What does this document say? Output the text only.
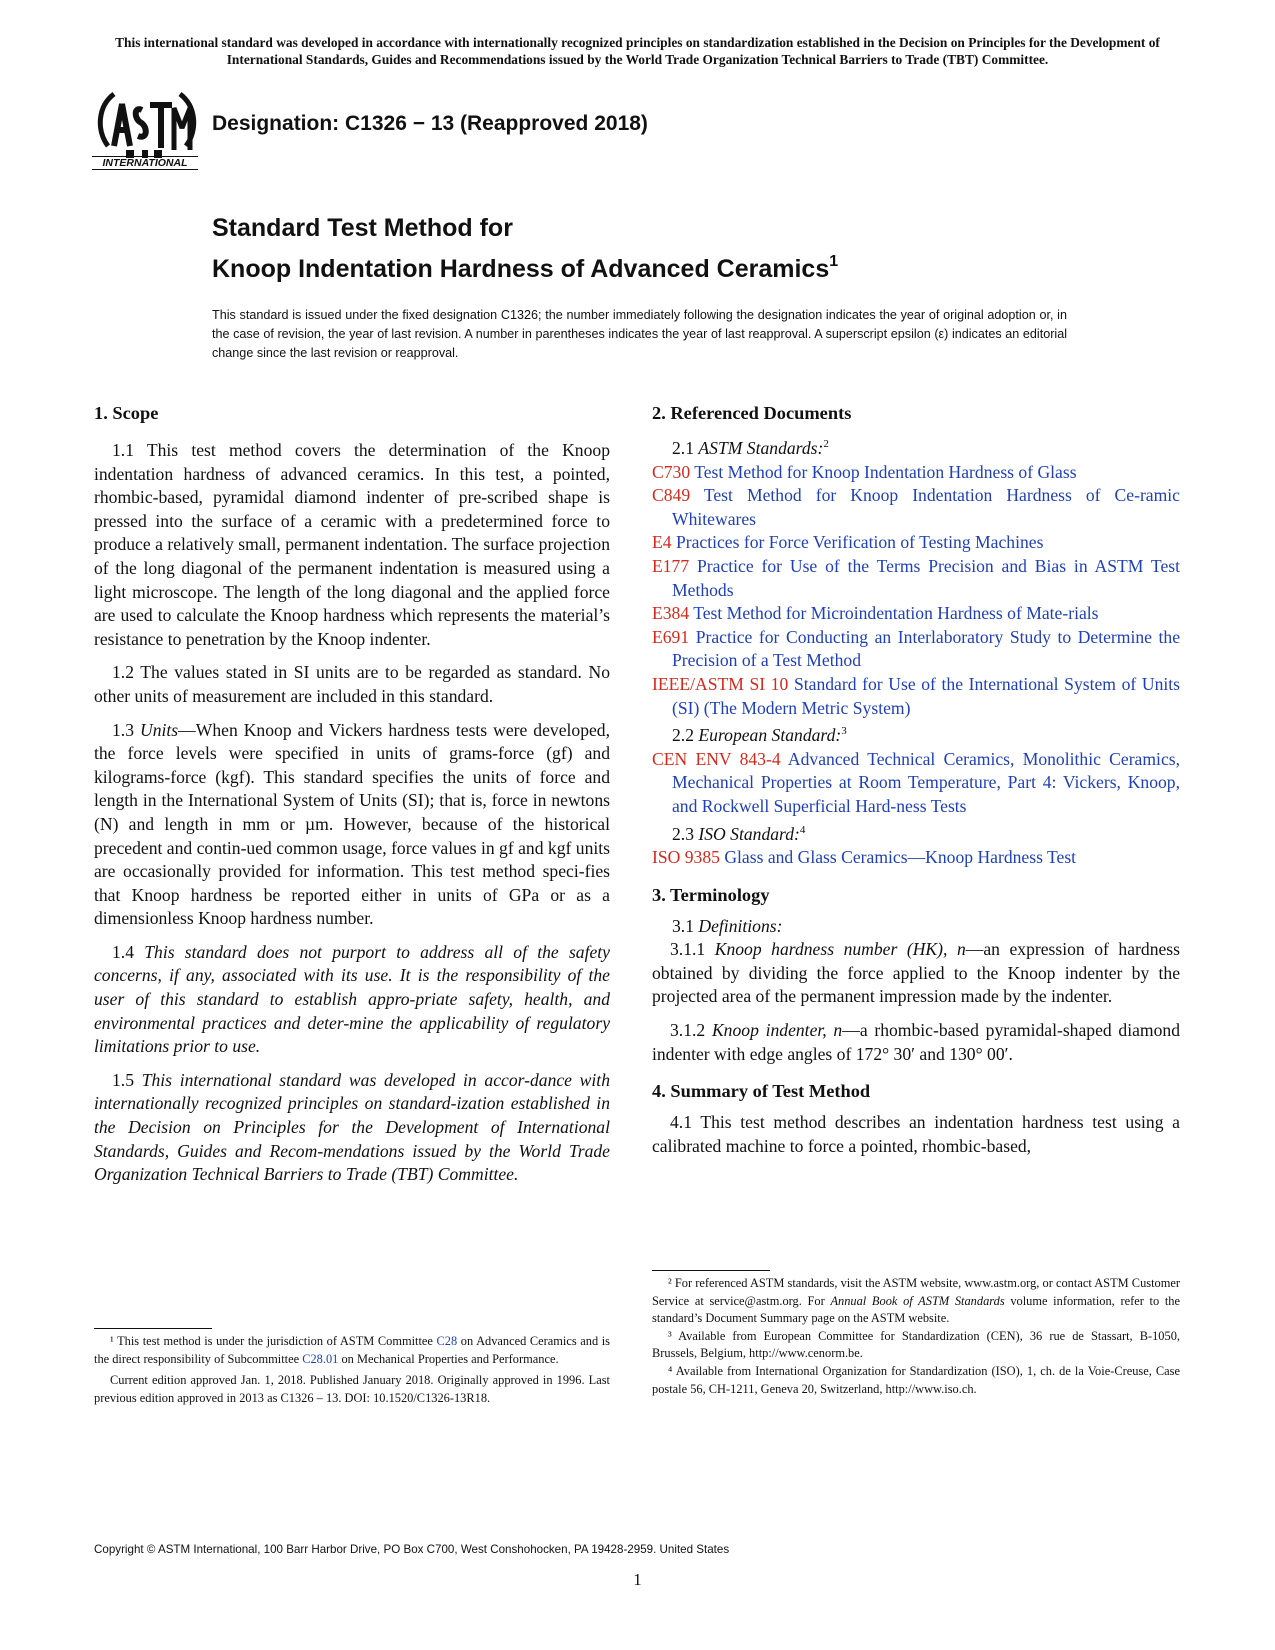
This international standard was developed in accordance with internationally recognized principles on standardization established in the Decision on Principles for the Development of International Standards, Guides and Recommendations issued by the World Trade Organization Technical Barriers to Trade (TBT) Committee.
INTERNATIONAL
Designation: C1326 − 13 (Reapproved 2018)
Standard Test Method for
Knoop Indentation Hardness of Advanced Ceramics$^1$
This standard is issued under the fixed designation C1326; the number immediately following the designation indicates the year of original adoption or, in the case of revision, the year of last revision. A number in parentheses indicates the year of last reapproval. A superscript epsilon (ε) indicates an editorial change since the last revision or reapproval.
1. Scope

1.1 This test method covers the determination of the Knoop indentation hardness of advanced ceramics. In this test, a pointed, rhombic-based, pyramidal diamond indenter of pre-scribed shape is pressed into the surface of a ceramic with a predetermined force to produce a relatively small, permanent indentation. The surface projection of the long diagonal of the permanent indentation is measured using a light microscope. The length of the long diagonal and the applied force are used to calculate the Knoop hardness which represents the material’s resistance to penetration by the Knoop indenter.

1.2 The values stated in SI units are to be regarded as standard. No other units of measurement are included in this standard.

1.3 Units—When Knoop and Vickers hardness tests were developed, the force levels were specified in units of grams-force (gf) and kilograms-force (kgf). This standard specifies the units of force and length in the International System of Units (SI); that is, force in newtons (N) and length in mm or µm. However, because of the historical precedent and contin-ued common usage, force values in gf and kgf units are occasionally provided for information. This test method speci-fies that Knoop hardness be reported either in units of GPa or as a dimensionless Knoop hardness number.

1.4 This standard does not purport to address all of the safety concerns, if any, associated with its use. It is the responsibility of the user of this standard to establish appro-priate safety, health, and environmental practices and deter-mine the applicability of regulatory limitations prior to use.

1.5 This international standard was developed in accor-dance with internationally recognized principles on standard-ization established in the Decision on Principles for the Development of International Standards, Guides and Recom-mendations issued by the World Trade Organization Technical Barriers to Trade (TBT) Committee.

¹ This test method is under the jurisdiction of ASTM Committee C28 on Advanced Ceramics and is the direct responsibility of Subcommittee C28.01 on Mechanical Properties and Performance.

Current edition approved Jan. 1, 2018. Published January 2018. Originally approved in 1996. Last previous edition approved in 2013 as C1326 – 13. DOI: 10.1520/C1326-13R18.

2. Referenced Documents
2.1 ASTM Standards:$^2$
C730 Test Method for Knoop Indentation Hardness of Glass
C849 Test Method for Knoop Indentation Hardness of Ce-ramic Whitewares
E4 Practices for Force Verification of Testing Machines
E177 Practice for Use of the Terms Precision and Bias in ASTM Test Methods
E384 Test Method for Microindentation Hardness of Mate-rials
E691 Practice for Conducting an Interlaboratory Study to Determine the Precision of a Test Method
IEEE/ASTM SI 10 Standard for Use of the International System of Units (SI) (The Modern Metric System)
2.2 European Standard:$^3$
CEN ENV 843-4 Advanced Technical Ceramics, Monolithic Ceramics, Mechanical Properties at Room Temperature, Part 4: Vickers, Knoop, and Rockwell Superficial Hard-ness Tests
2.3 ISO Standard:$^4$
ISO 9385 Glass and Glass Ceramics—Knoop Hardness Test
3. Terminology
3.1 Definitions:

3.1.1 Knoop hardness number (HK), n—an expression of hardness obtained by dividing the force applied to the Knoop indenter by the projected area of the permanent impression made by the indenter.

3.1.2 Knoop indenter, n—a rhombic-based pyramidal-shaped diamond indenter with edge angles of 172° 30′ and 130° 00′.

4. Summary of Test Method

4.1 This test method describes an indentation hardness test using a calibrated machine to force a pointed, rhombic-based,

² For referenced ASTM standards, visit the ASTM website, www.astm.org, or contact ASTM Customer Service at service@astm.org. For Annual Book of ASTM Standards volume information, refer to the standard’s Document Summary page on the ASTM website.

³ Available from European Committee for Standardization (CEN), 36 rue de Stassart, B-1050, Brussels, Belgium, http://www.cenorm.be.

⁴ Available from International Organization for Standardization (ISO), 1, ch. de la Voie-Creuse, Case postale 56, CH-1211, Geneva 20, Switzerland, http://www.iso.ch.

Copyright © ASTM International, 100 Barr Harbor Drive, PO Box C700, West Conshohocken, PA 19428-2959. United States
1
